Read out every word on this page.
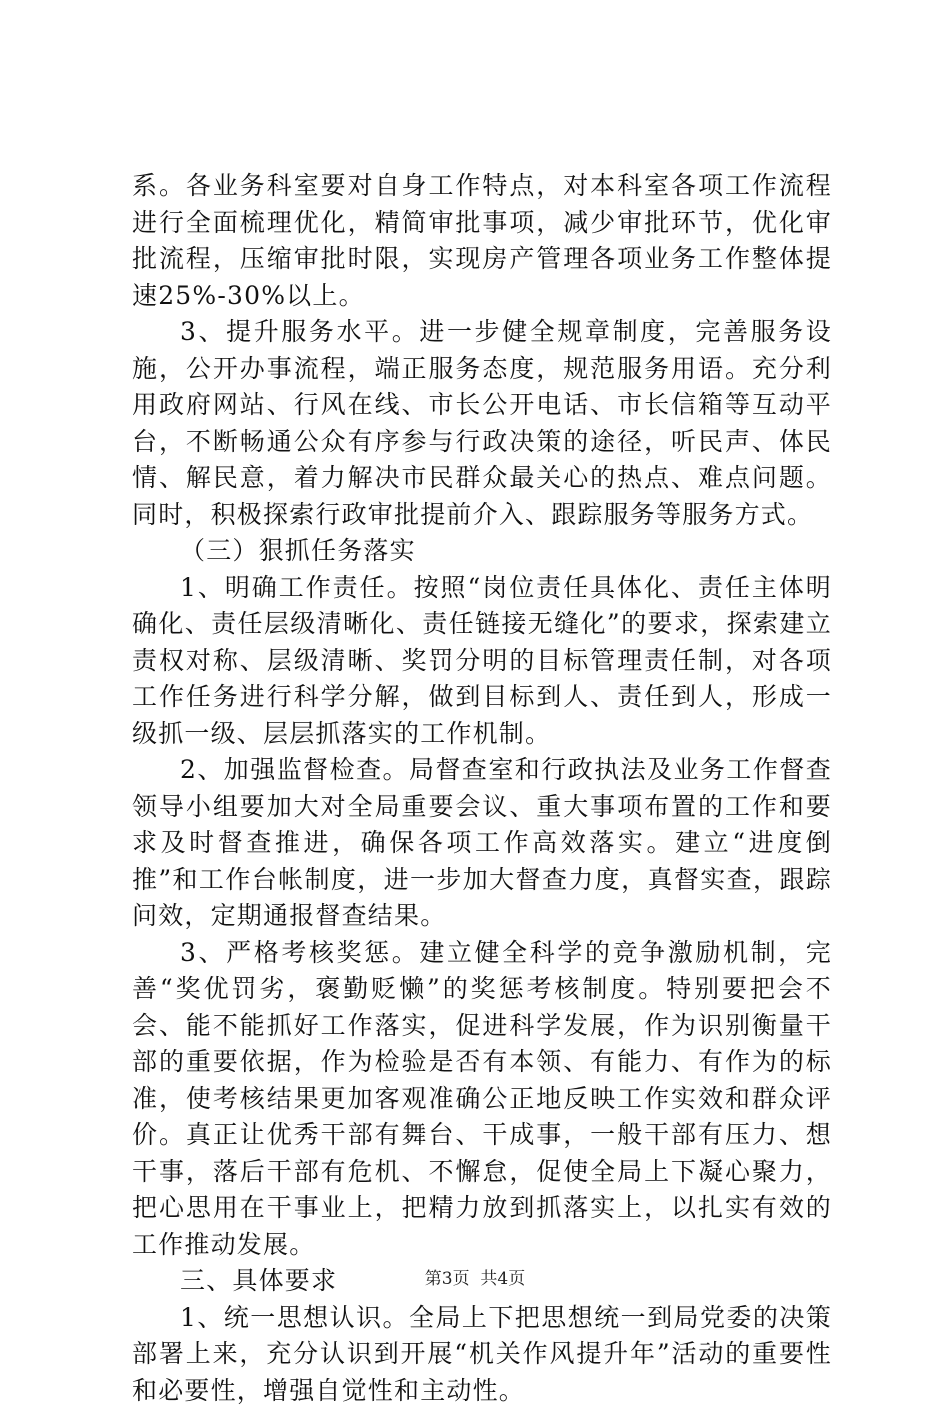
系。各业务科室要对自身工作特点，对本科室各项工作流程进行全面梳理优化，精简审批事项，减少审批环节，优化审批流程，压缩审批时限，实现房产管理各项业务工作整体提速25%-30%以上。

3、提升服务水平。进一步健全规章制度，完善服务设施，公开办事流程，端正服务态度，规范服务用语。充分利用政府网站、行风在线、市长公开电话、市长信箱等互动平台，不断畅通公众有序参与行政决策的途径，听民声、体民情、解民意，着力解决市民群众最关心的热点、难点问题。同时，积极探索行政审批提前介入、跟踪服务等服务方式。

（三）狠抓任务落实

1、明确工作责任。按照“岗位责任具体化、责任主体明确化、责任层级清晰化、责任链接无缝化”的要求，探索建立责权对称、层级清晰、奖罚分明的目标管理责任制，对各项工作任务进行科学分解，做到目标到人、责任到人，形成一级抓一级、层层抓落实的工作机制。

2、加强监督检查。局督查室和行政执法及业务工作督查领导小组要加大对全局重要会议、重大事项布置的工作和要求及时督查推进，确保各项工作高效落实。建立“进度倒推”和工作台帐制度，进一步加大督查力度，真督实查，跟踪问效，定期通报督查结果。

3、严格考核奖惩。建立健全科学的竞争激励机制，完善“奖优罚劣，褒勤贬懒”的奖惩考核制度。特别要把会不会、能不能抓好工作落实，促进科学发展，作为识别衡量干部的重要依据，作为检验是否有本领、有能力、有作为的标准，使考核结果更加客观准确公正地反映工作实效和群众评价。真正让优秀干部有舞台、干成事，一般干部有压力、想干事，落后干部有危机、不懈怠，促使全局上下凝心聚力，把心思用在干事业上，把精力放到抓落实上，以扎实有效的工作推动发展。

三、具体要求

1、统一思想认识。全局上下把思想统一到局党委的决策部署上来，充分认识到开展“机关作风提升年”活动的重要性和必要性，增强自觉性和主动性。

第3页  共4页
